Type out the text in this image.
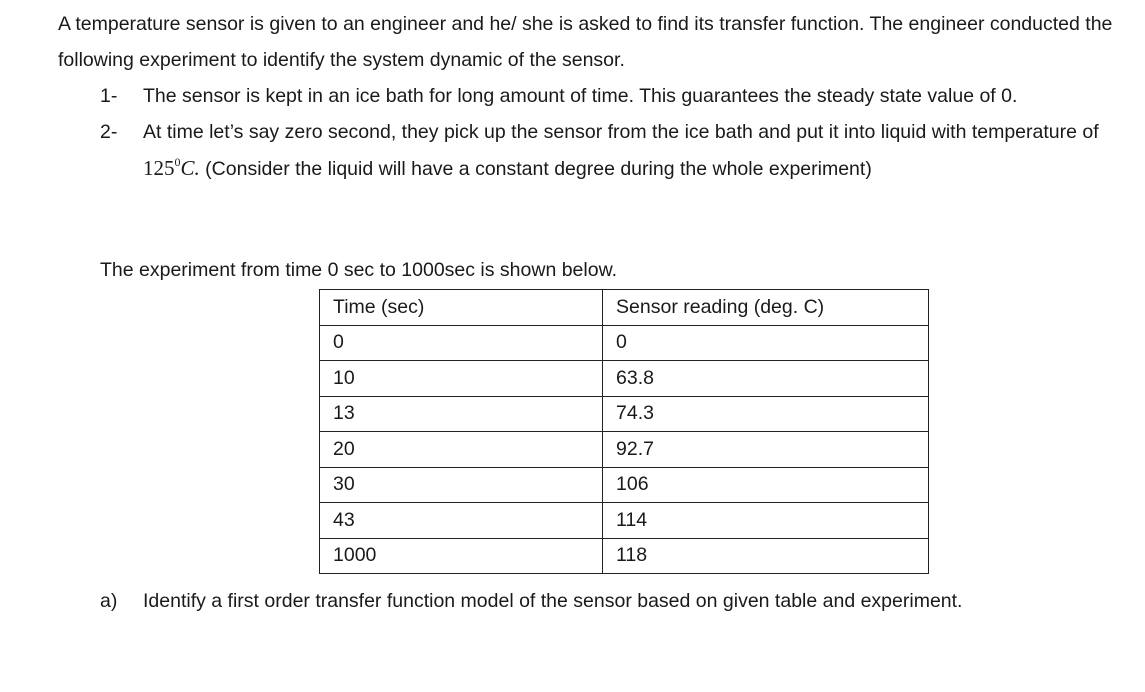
A temperature sensor is given to an engineer and he/ she is asked to find its transfer function. The engineer conducted the following experiment to identify the system dynamic of the sensor.

1- The sensor is kept in an ice bath for long amount of time. This guarantees the steady state value of 0.
2- At time let’s say zero second, they pick up the sensor from the ice bath and put it into liquid with temperature of $125^0C$. (Consider the liquid will have a constant degree during the whole experiment)

The experiment from time 0 sec to 1000sec is shown below.

Time (sec)	Sensor reading (deg. C)
0	0
10	63.8
13	74.3
20	92.7
30	106
43	114
1000	118
a) Identify a first order transfer function model of the sensor based on given table and experiment.
